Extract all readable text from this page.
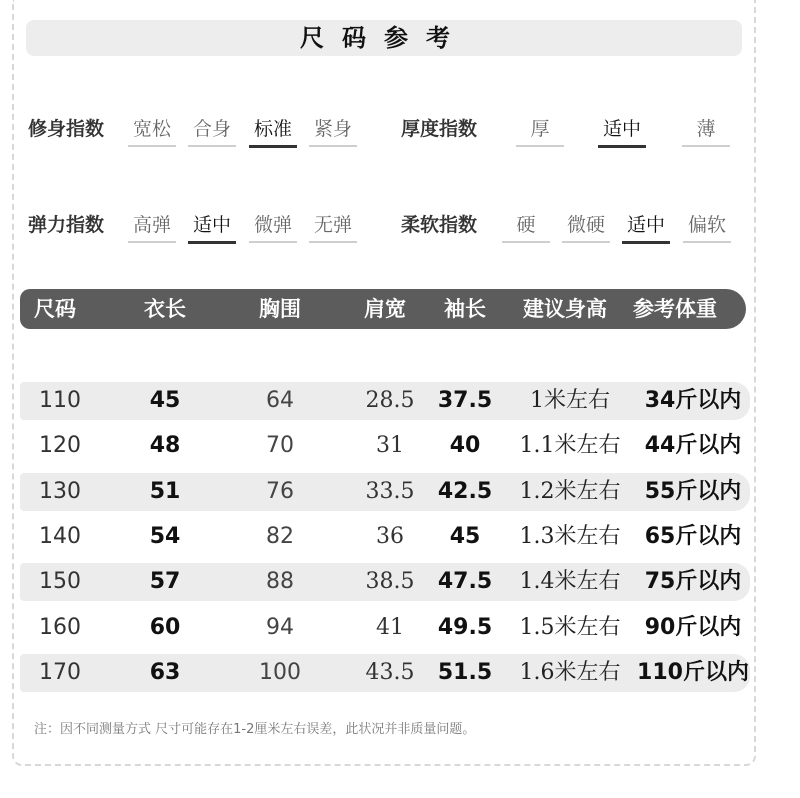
尺码参考
修身指数 宽松 合身 标准 紧身	厚度指数	厚	适中	薄
弹力指数 高弹 适中 微弹 无弹	柔软指数	硬	微硬 适中 偏软
尺码	衣长	胸围	肩宽	袖长	建议身高	参考体重
110	45	64	28.5	37.5	1米左右	34斤以内
120	48	70	31	40	1.1米左右	44斤以内
130	51	76	33.5	42.5	1.2米左右	55斤以内
140	54	82	36	45	1.3米左右	65斤以内
150	57	88	38.5	47.5	1.4米左右	75斤以内
160	60	94	41	49.5	1.5米左右	90斤以内
170	63	100	43.5	51.5	1.6米左右 110斤以内
注：因不同测量方式 尺寸可能存在1-2厘米左右误差，此状况并非质量问题。
